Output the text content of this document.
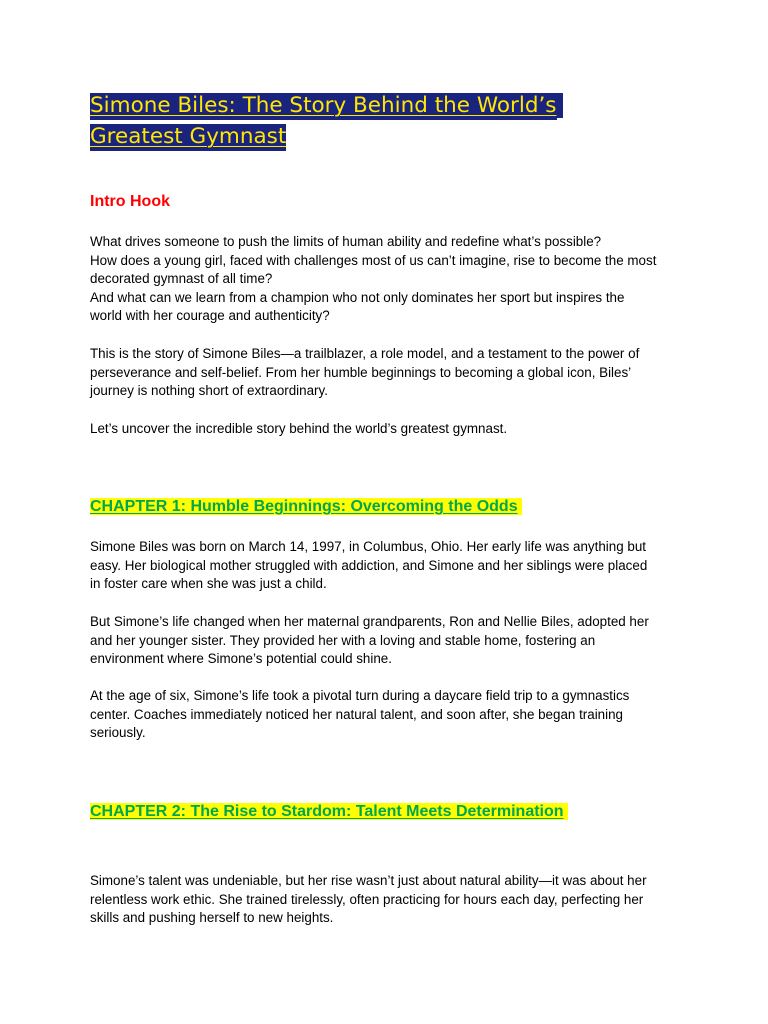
Simone Biles: The Story Behind the World’s
Greatest Gymnast
Intro Hook

What drives someone to push the limits of human ability and redefine what’s possible?
How does a young girl, faced with challenges most of us can’t imagine, rise to become the most
decorated gymnast of all time?
And what can we learn from a champion who not only dominates her sport but inspires the
world with her courage and authenticity?

This is the story of Simone Biles—a trailblazer, a role model, and a testament to the power of
perseverance and self-belief. From her humble beginnings to becoming a global icon, Biles’
journey is nothing short of extraordinary.

Let’s uncover the incredible story behind the world’s greatest gymnast.

CHAPTER 1: Humble Beginnings: Overcoming the Odds

Simone Biles was born on March 14, 1997, in Columbus, Ohio. Her early life was anything but
easy. Her biological mother struggled with addiction, and Simone and her siblings were placed
in foster care when she was just a child.

But Simone’s life changed when her maternal grandparents, Ron and Nellie Biles, adopted her
and her younger sister. They provided her with a loving and stable home, fostering an
environment where Simone’s potential could shine.

At the age of six, Simone’s life took a pivotal turn during a daycare field trip to a gymnastics
center. Coaches immediately noticed her natural talent, and soon after, she began training
seriously.

CHAPTER 2: The Rise to Stardom: Talent Meets Determination

Simone’s talent was undeniable, but her rise wasn’t just about natural ability—it was about her
relentless work ethic. She trained tirelessly, often practicing for hours each day, perfecting her
skills and pushing herself to new heights.
